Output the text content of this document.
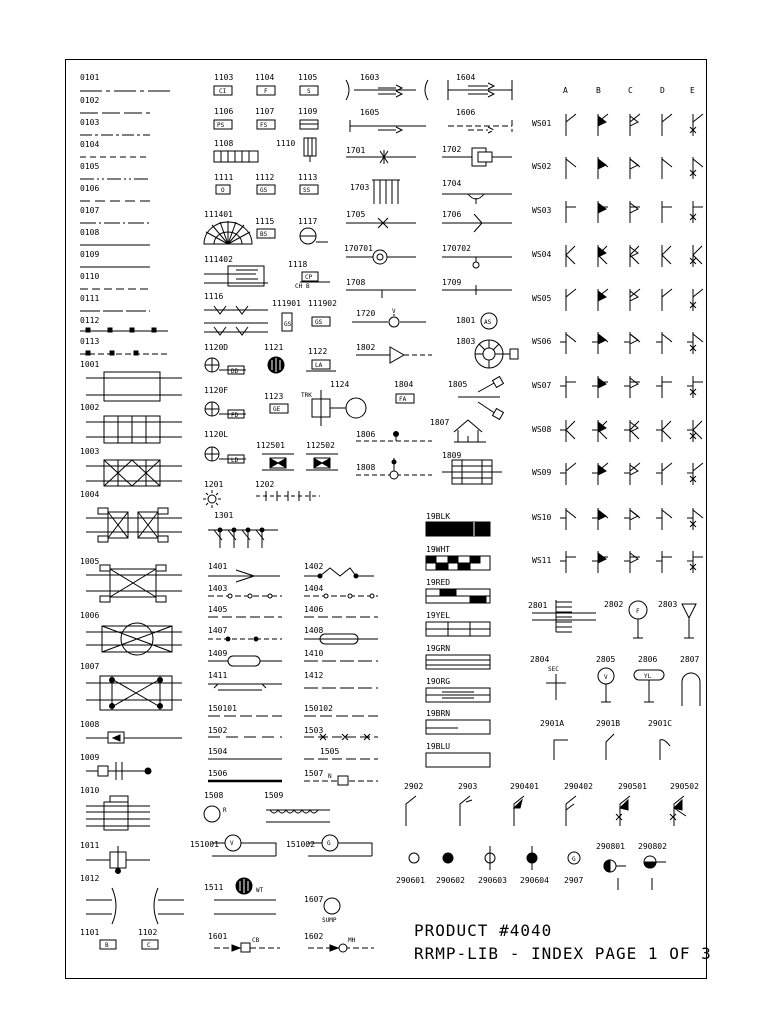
0101
0102
0103
0104
0105
0106
0107
0108
0109
0110
0111
0112
0113
1001
1002
1003
1004
1005
1006
1007
1008
1009
1010
1011
1012
1101
B
1102
C
1103
CI
1104
F
1105
S
1106
PS
1107
FS
1109
1108	1110
1111
O
1112
GS
1113
SS
111401
1115
BS
1117
111402
1118
CP
CH B
1116
111901
GS
111902
GS
1120D
DD
1121	1122
LA
1120F
FD
1123
GE
1124
TRK
1120L
LD
112501	112502
1201	1202
1301
1401	1402
1403	1404
1405	1406
1407	1408
1409	1410
1411	1412
150101	150102
1502	1503
1504	1505
1506	1507 N
1508
R
1509
151001 V	151002 G
1511	WT
1607
SUMP
1601	CB	1602	MH
1603	1604
1605	1606
1701	1702
1703	1704
1705	1706
170701	170702
1708	1709
1720	V
1801 AS
1802
1803
1804
FA
1805
1806
1807
1808
1809
19BLK
19WHT
19RED
19YEL
19GRN
19ORG
19BRN
19BLU
A	B	C	D	E
WS01
WS02
WS03
WS04
WS05
WS06
WS07
WS08
WS09
WS10
WS11
2801	2802
F
2803
2804
SEC
2805
V
2806
YL
2807
2901A	2901B	2901C
2902	2903	290401	290402	290501	290502
290601 290602 290603 290604
G
2907
290801 290802
PRODUCT #4040
RRMP-LIB - INDEX PAGE 1 OF 3
